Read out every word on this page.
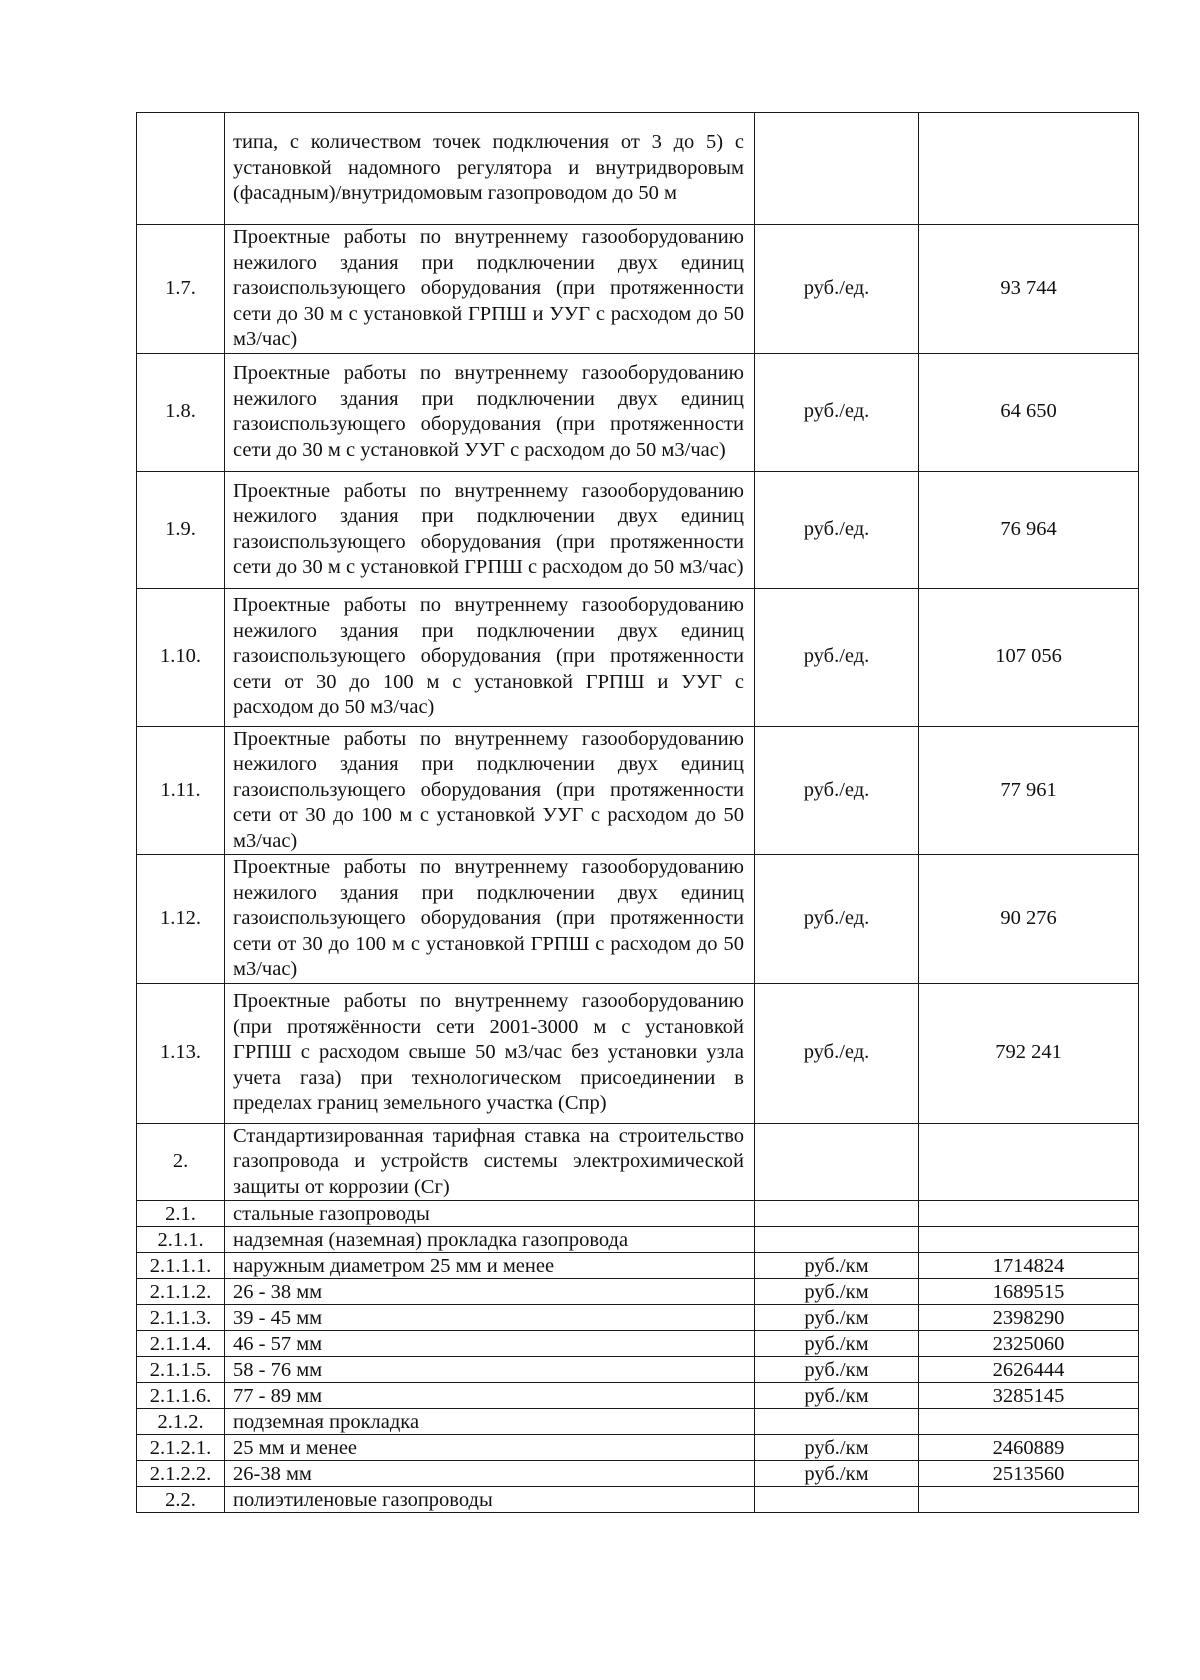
	типа, с количеством точек подключения от 3 до 5) с установкой надомного регулятора и внутридворовым (фасадным)/внутридомовым газопроводом до 50 м		
1.7.	Проектные работы по внутреннему газооборудованию нежилого здания при подключении двух единиц газоиспользующего оборудования (при протяженности сети до 30 м с установкой ГРПШ и УУГ с расходом до 50 м3/час)	руб./ед.	93 744
1.8.	Проектные работы по внутреннему газооборудованию нежилого здания при подключении двух единиц газоиспользующего оборудования (при протяженности сети до 30 м с установкой УУГ с расходом до 50 м3/час)	руб./ед.	64 650
1.9.	Проектные работы по внутреннему газооборудованию нежилого здания при подключении двух единиц газоиспользующего оборудования (при протяженности сети до 30 м с установкой ГРПШ с расходом до 50 м3/час)	руб./ед.	76 964
1.10.	Проектные работы по внутреннему газооборудованию нежилого здания при подключении двух единиц газоиспользующего оборудования (при протяженности сети от 30 до 100 м с установкой ГРПШ и УУГ с расходом до 50 м3/час)	руб./ед.	107 056
1.11.	Проектные работы по внутреннему газооборудованию нежилого здания при подключении двух единиц газоиспользующего оборудования (при протяженности сети от 30 до 100 м с установкой УУГ с расходом до 50 м3/час)	руб./ед.	77 961
1.12.	Проектные работы по внутреннему газооборудованию нежилого здания при подключении двух единиц газоиспользующего оборудования (при протяженности сети от 30 до 100 м с установкой ГРПШ с расходом до 50 м3/час)	руб./ед.	90 276
1.13.	Проектные работы по внутреннему газооборудованию (при протяжённости сети 2001-3000 м с установкой ГРПШ с расходом свыше 50 м3/час без установки узла учета газа) при технологическом присоединении в пределах границ земельного участка (Спр)	руб./ед.	792 241
2.	Стандартизированная тарифная ставка на строительство газопровода и устройств системы электрохимической защиты от коррозии (Сг)		
2.1.	стальные газопроводы		
2.1.1.	надземная (наземная) прокладка газопровода		
2.1.1.1.	наружным диаметром 25 мм и менее	руб./км	1714824
2.1.1.2.	26 - 38 мм	руб./км	1689515
2.1.1.3.	39 - 45 мм	руб./км	2398290
2.1.1.4.	46 - 57 мм	руб./км	2325060
2.1.1.5.	58 - 76 мм	руб./км	2626444
2.1.1.6.	77 - 89 мм	руб./км	3285145
2.1.2.	подземная прокладка		
2.1.2.1.	25 мм и менее	руб./км	2460889
2.1.2.2.	26-38 мм	руб./км	2513560
2.2.	полиэтиленовые газопроводы		
